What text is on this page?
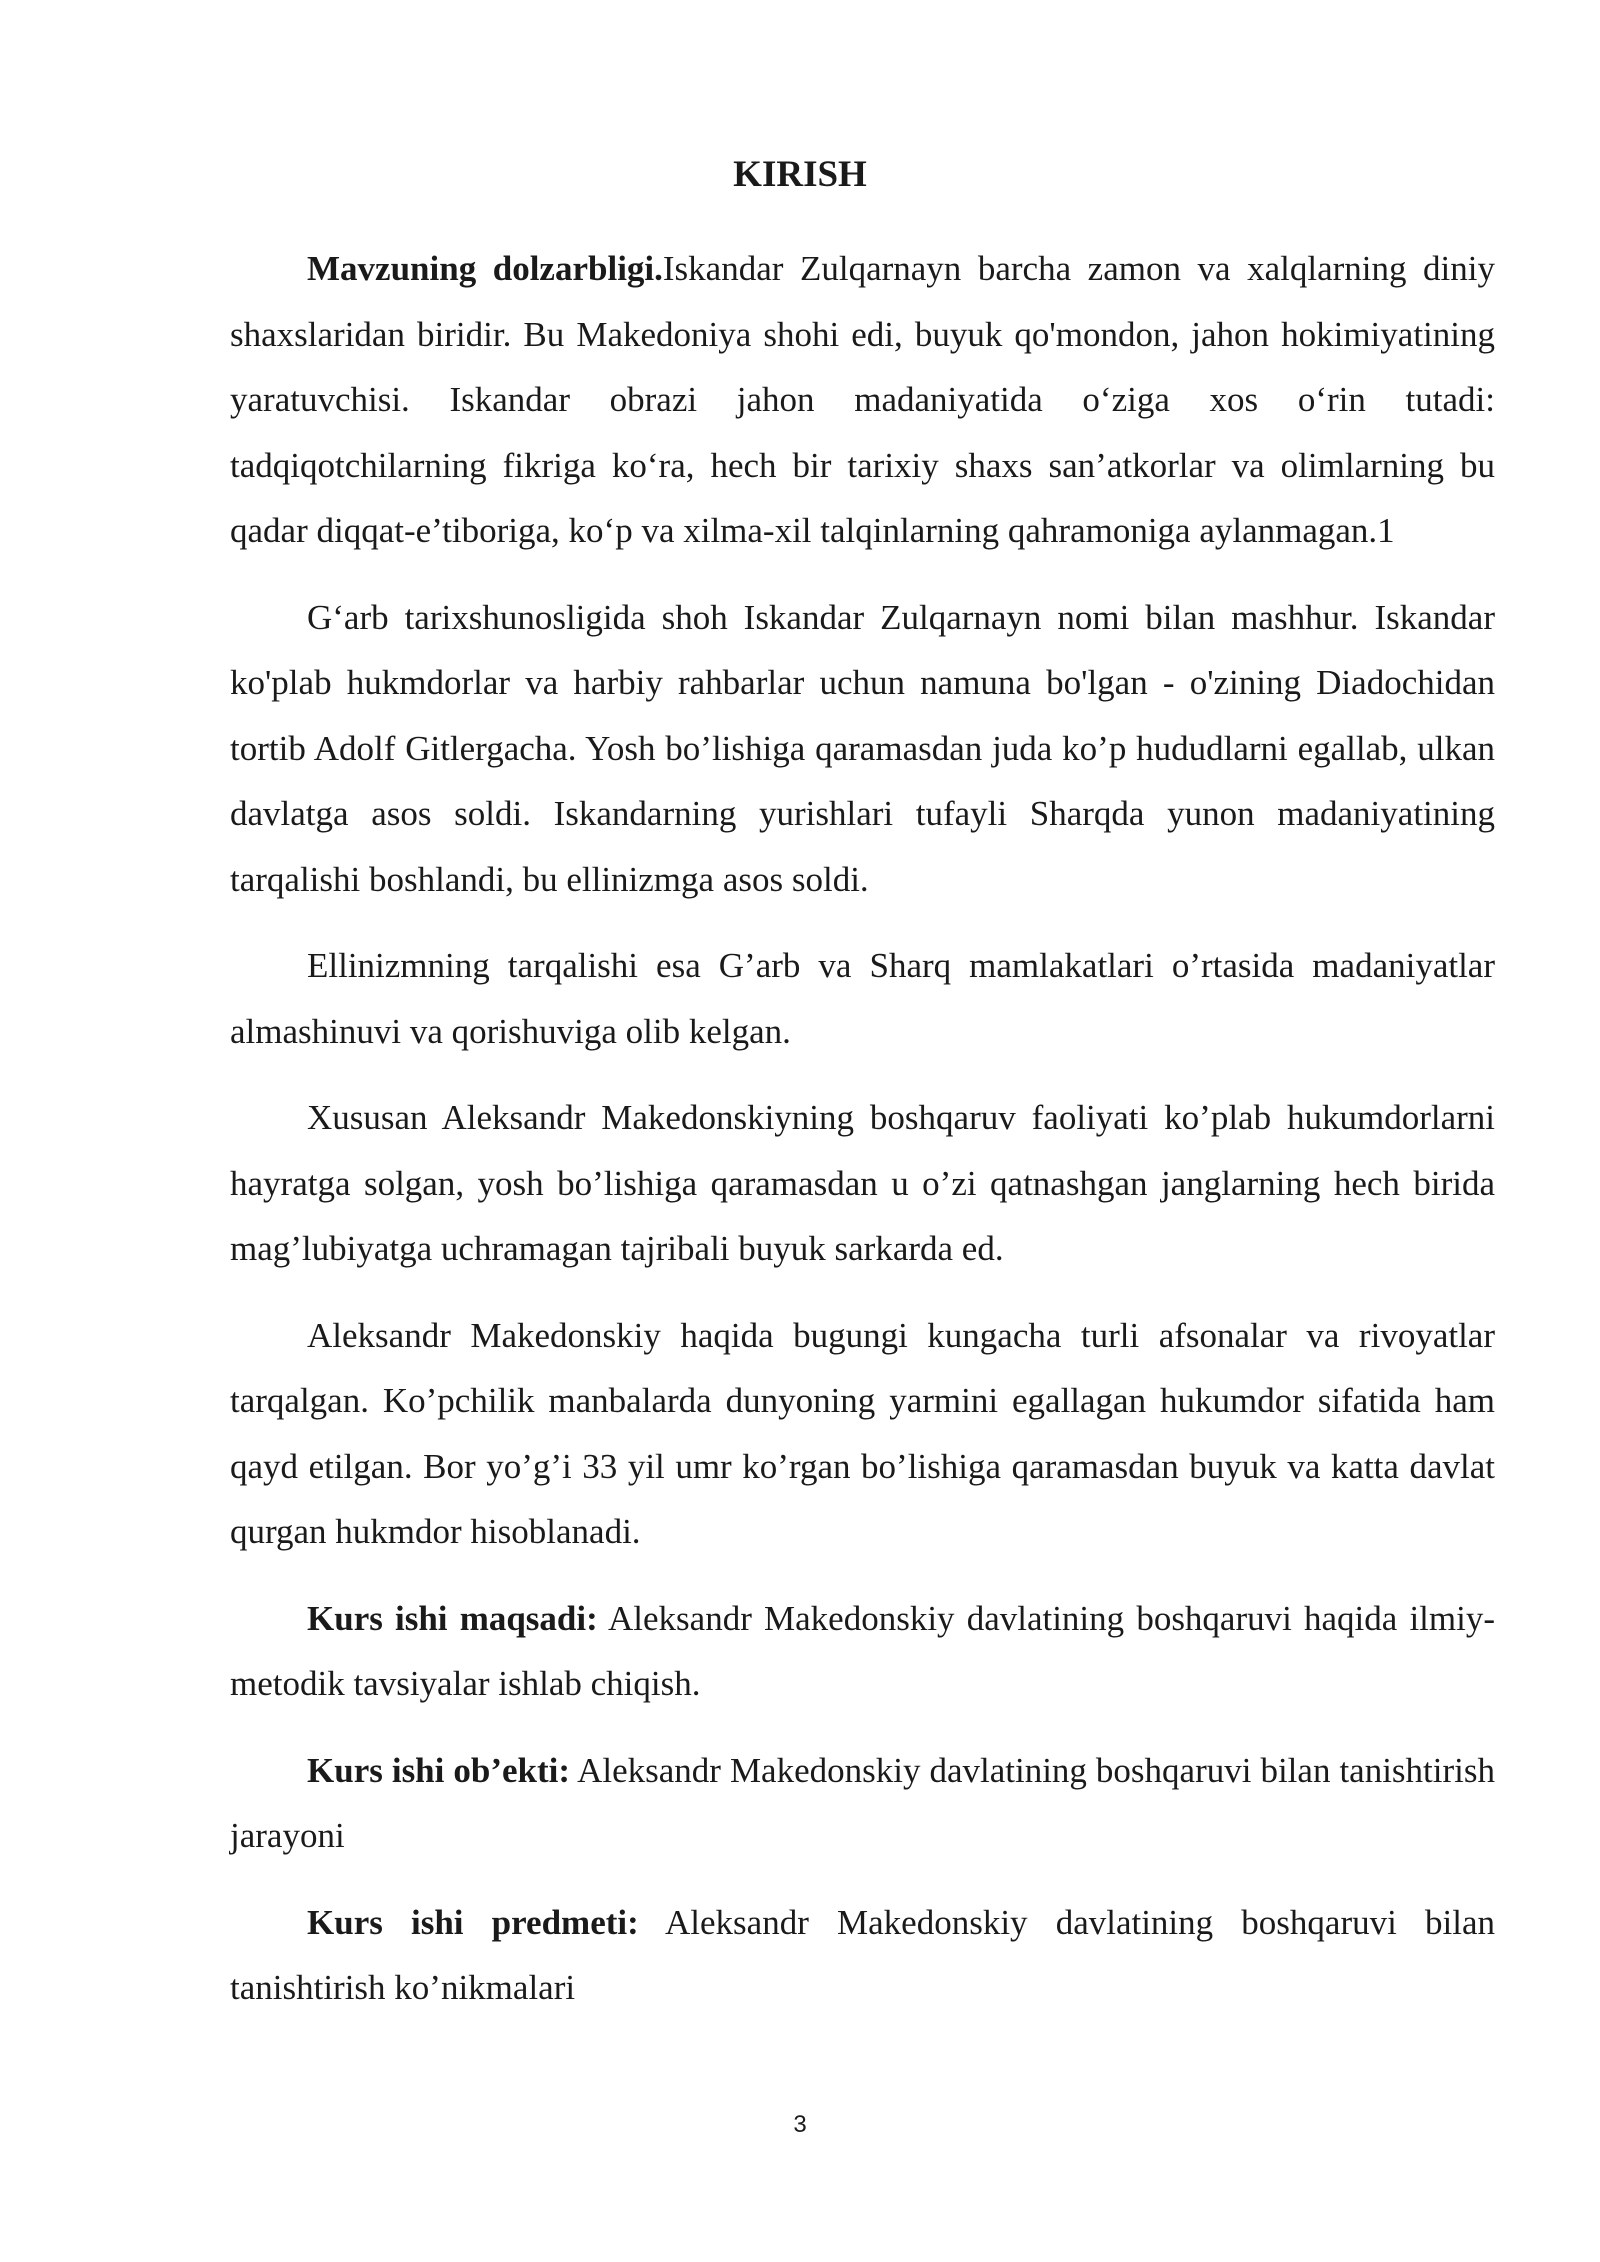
KIRISH

Mavzuning dolzarbligi.Iskandar Zulqarnayn barcha zamon va xalqlarning diniy shaxslaridan biridir. Bu Makedoniya shohi edi, buyuk qo'mondon, jahon hokimiyatining yaratuvchisi. Iskandar obrazi jahon madaniyatida oʻziga xos oʻrin tutadi: tadqiqotchilarning fikriga koʻra, hech bir tarixiy shaxs san’atkorlar va olimlarning bu qadar diqqat-e’tiboriga, koʻp va xilma-xil talqinlarning qahramoniga aylanmagan.1

Gʻarb tarixshunosligida shoh Iskandar Zulqarnayn nomi bilan mashhur. Iskandar ko'plab hukmdorlar va harbiy rahbarlar uchun namuna bo'lgan - o'zining Diadochidan tortib Adolf Gitlergacha. Yosh bo’lishiga qaramasdan juda ko’p hududlarni egallab, ulkan davlatga asos soldi. Iskandarning yurishlari tufayli Sharqda yunon madaniyatining tarqalishi boshlandi, bu ellinizmga asos soldi.

Ellinizmning tarqalishi esa G’arb va Sharq mamlakatlari o’rtasida madaniyatlar almashinuvi va qorishuviga olib kelgan.

Xususan Aleksandr Makedonskiyning boshqaruv faoliyati ko’plab hukumdorlarni hayratga solgan, yosh bo’lishiga qaramasdan u o’zi qatnashgan janglarning hech birida mag’lubiyatga uchramagan tajribali buyuk sarkarda ed.

Aleksandr Makedonskiy haqida bugungi kungacha turli afsonalar va rivoyatlar tarqalgan. Ko’pchilik manbalarda dunyoning yarmini egallagan hukumdor sifatida ham qayd etilgan. Bor yo’g’i 33 yil umr ko’rgan bo’lishiga qaramasdan buyuk va katta davlat qurgan hukmdor hisoblanadi.

Kurs ishi maqsadi: Aleksandr Makedonskiy davlatining boshqaruvi haqida ilmiy-metodik tavsiyalar ishlab chiqish.

Kurs ishi ob’ekti: Aleksandr Makedonskiy davlatining boshqaruvi bilan tanishtirish jarayoni

Kurs ishi predmeti: Aleksandr Makedonskiy davlatining boshqaruvi bilan tanishtirish ko’nikmalari

3
